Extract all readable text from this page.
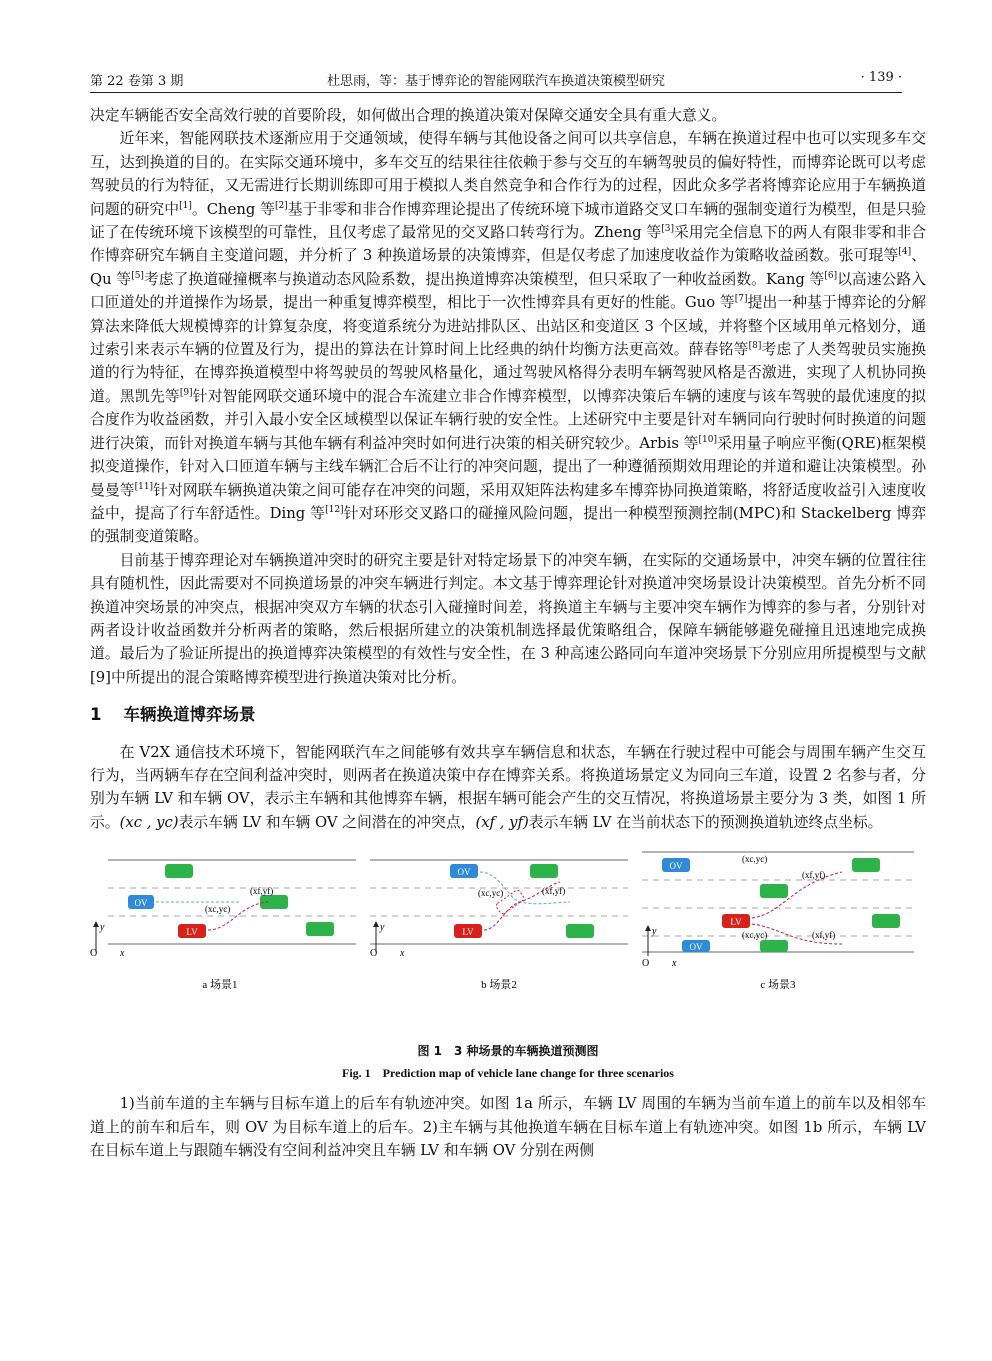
第 22 卷第 3 期	杜思雨，等：基于博弈论的智能网联汽车换道决策模型研究	· 139 ·

决定车辆能否安全高效行驶的首要阶段，如何做出合理的换道决策对保障交通安全具有重大意义。

近年来，智能网联技术逐渐应用于交通领域，使得车辆与其他设备之间可以共享信息，车辆在换道过程中也可以实现多车交互，达到换道的目的。在实际交通环境中，多车交互的结果往往依赖于参与交互的车辆驾驶员的偏好特性，而博弈论既可以考虑驾驶员的行为特征，又无需进行长期训练即可用于模拟人类自然竞争和合作行为的过程，因此众多学者将博弈论应用于车辆换道问题的研究中[1]。Cheng 等[2]基于非零和非合作博弈理论提出了传统环境下城市道路交叉口车辆的强制变道行为模型，但是只验证了在传统环境下该模型的可靠性，且仅考虑了最常见的交叉路口转弯行为。Zheng 等[3]采用完全信息下的两人有限非零和非合作博弈研究车辆自主变道问题，并分析了 3 种换道场景的决策博弈，但是仅考虑了加速度收益作为策略收益函数。张可琨等[4]、Qu 等[5]考虑了换道碰撞概率与换道动态风险系数，提出换道博弈决策模型，但只采取了一种收益函数。Kang 等[6]以高速公路入口匝道处的并道操作为场景，提出一种重复博弈模型，相比于一次性博弈具有更好的性能。Guo 等[7]提出一种基于博弈论的分解算法来降低大规模博弈的计算复杂度，将变道系统分为进站排队区、出站区和变道区 3 个区域，并将整个区域用单元格划分，通过索引来表示车辆的位置及行为，提出的算法在计算时间上比经典的纳什均衡方法更高效。薛春铭等[8]考虑了人类驾驶员实施换道的行为特征，在博弈换道模型中将驾驶员的驾驶风格量化，通过驾驶风格得分表明车辆驾驶风格是否激进，实现了人机协同换道。黑凯先等[9]针对智能网联交通环境中的混合车流建立非合作博弈模型，以博弈决策后车辆的速度与该车驾驶的最优速度的拟合度作为收益函数，并引入最小安全区域模型以保证车辆行驶的安全性。上述研究中主要是针对车辆同向行驶时何时换道的问题进行决策，而针对换道车辆与其他车辆有利益冲突时如何进行决策的相关研究较少。Arbis 等[10]采用量子响应平衡(QRE)框架模拟变道操作，针对入口匝道车辆与主线车辆汇合后不让行的冲突问题，提出了一种遵循预期效用理论的并道和避让决策模型。孙曼曼等[11]针对网联车辆换道决策之间可能存在冲突的问题，采用双矩阵法构建多车博弈协同换道策略，将舒适度收益引入速度收益中，提高了行车舒适性。Ding 等[12]针对环形交叉路口的碰撞风险问题，提出一种模型预测控制(MPC)和 Stackelberg 博弈的强制变道策略。

目前基于博弈理论对车辆换道冲突时的研究主要是针对特定场景下的冲突车辆，在实际的交通场景中，冲突车辆的位置往往具有随机性，因此需要对不同换道场景的冲突车辆进行判定。本文基于博弈理论针对换道冲突场景设计决策模型。首先分析不同换道冲突场景的冲突点，根据冲突双方车辆的状态引入碰撞时间差，将换道主车辆与主要冲突车辆作为博弈的参与者，分别针对两者设计收益函数并分析两者的策略，然后根据所建立的决策机制选择最优策略组合，保障车辆能够避免碰撞且迅速地完成换道。最后为了验证所提出的换道博弈决策模型的有效性与安全性，在 3 种高速公路同向车道冲突场景下分别应用所提模型与文献[9]中所提出的混合策略博弈模型进行换道决策对比分析。

1 车辆换道博弈场景

在 V2X 通信技术环境下，智能网联汽车之间能够有效共享车辆信息和状态，车辆在行驶过程中可能会与周围车辆产生交互行为，当两辆车存在空间利益冲突时，则两者在换道决策中存在博弈关系。将换道场景定义为同向三车道，设置 2 名参与者，分别为车辆 LV 和车辆 OV，表示主车辆和其他博弈车辆，根据车辆可能会产生的交互情况，将换道场景主要分为 3 类，如图 1 所示。(xc , yc)表示车辆 LV 和车辆 OV 之间潜在的冲突点，(xf , yf)表示车辆 LV 在当前状态下的预测换道轨迹终点坐标。

OV
LV
(xc,yc)
(xf,yf)
O x
y
a 场景1
OV
LV
(xc,yc)	(xf,yf)
O x
y
b 场景2
OV
LV
OV
(xc,yc)
(xf,yf)
(xc,yc)	(xf,yf)
O x
y
c 场景3
图 1　3 种场景的车辆换道预测图
Fig. 1　Prediction map of vehicle lane change for three scenarios

1)当前车道的主车辆与目标车道上的后车有轨迹冲突。如图 1a 所示，车辆 LV 周围的车辆为当前车道上的前车以及相邻车道上的前车和后车，则 OV 为目标车道上的后车。2)主车辆与其他换道车辆在目标车道上有轨迹冲突。如图 1b 所示，车辆 LV 在目标车道上与跟随车辆没有空间利益冲突且车辆 LV 和车辆 OV 分别在两侧
